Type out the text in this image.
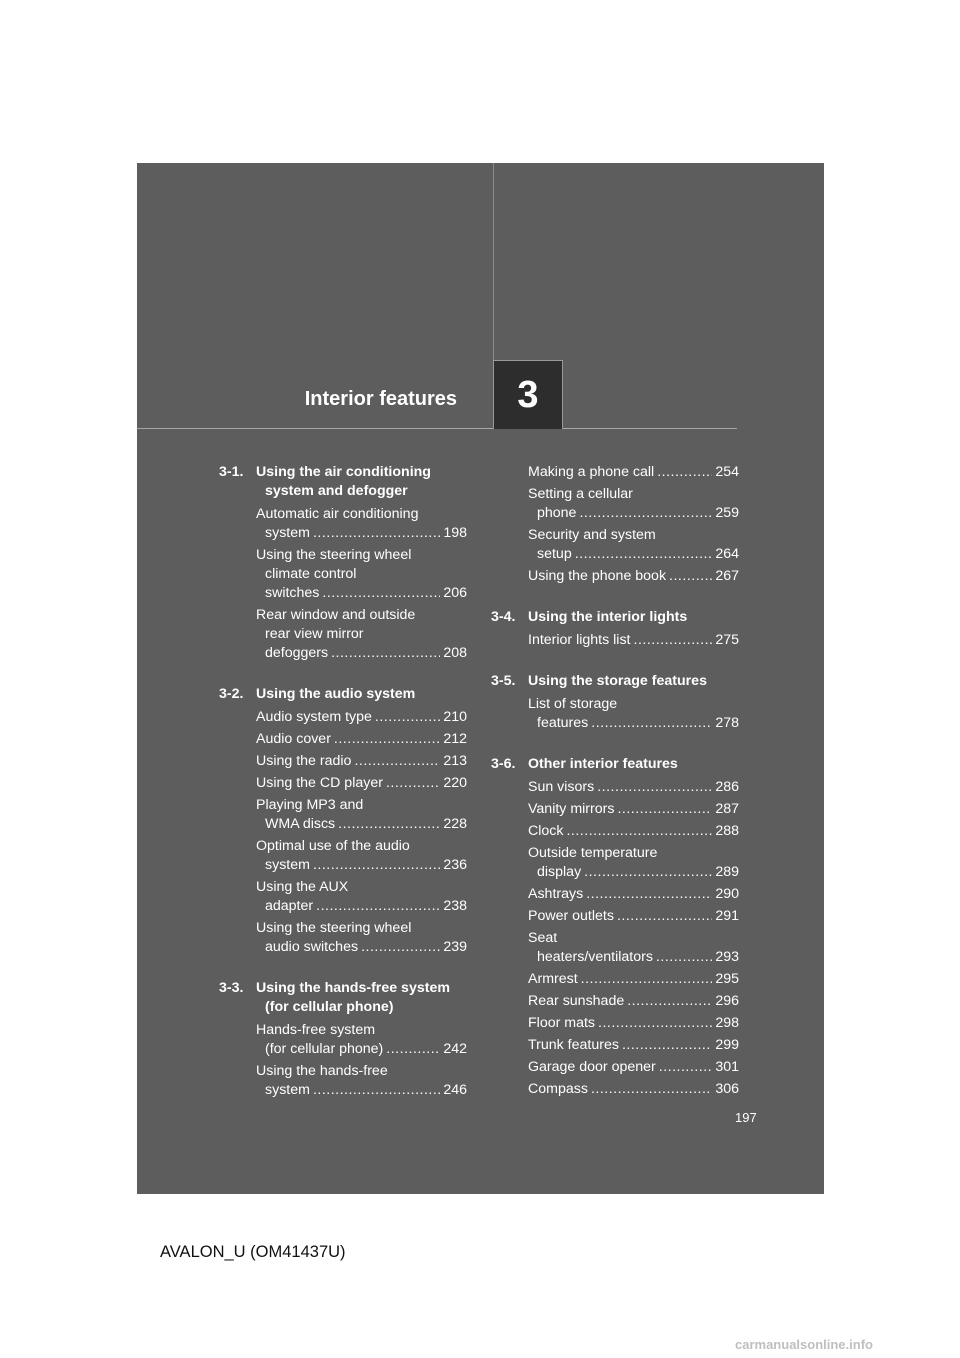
Interior features 3
3-1. Using the air conditioning
system and defogger
Automatic air conditioning
system .....	198
Using the steering wheel
climate control
switches .....	206
Rear window and outside
rear view mirror
defoggers .....	208
3-2. Using the audio system
Audio system type .....	210
Audio cover .....	212
Using the radio .....	213
Using the CD player .....	220
Playing MP3 and
WMA discs .....	228
Optimal use of the audio
system .....	236
Using the AUX
adapter .....	238
Using the steering wheel
audio switches .....	239
3-3. Using the hands-free system
(for cellular phone)
Hands-free system
(for cellular phone) .....	242
Using the hands-free
system .....	246
Making a phone call .....	254
Setting a cellular
phone .....	259
Security and system
setup .....	264
Using the phone book .....	267
3-4. Using the interior lights
Interior lights list .....	275
3-5. Using the storage features
List of storage
features .....	278
3-6. Other interior features
Sun visors .....	286
Vanity mirrors .....	287
Clock .....	288
Outside temperature
display .....	289
Ashtrays .....	290
Power outlets .....	291
Seat
heaters/ventilators .....	293
Armrest .....	295
Rear sunshade .....	296
Floor mats .....	298
Trunk features .....	299
Garage door opener .....	301
Compass .....	306
197
AVALON_U (OM41437U)
carmanualsonline.info
